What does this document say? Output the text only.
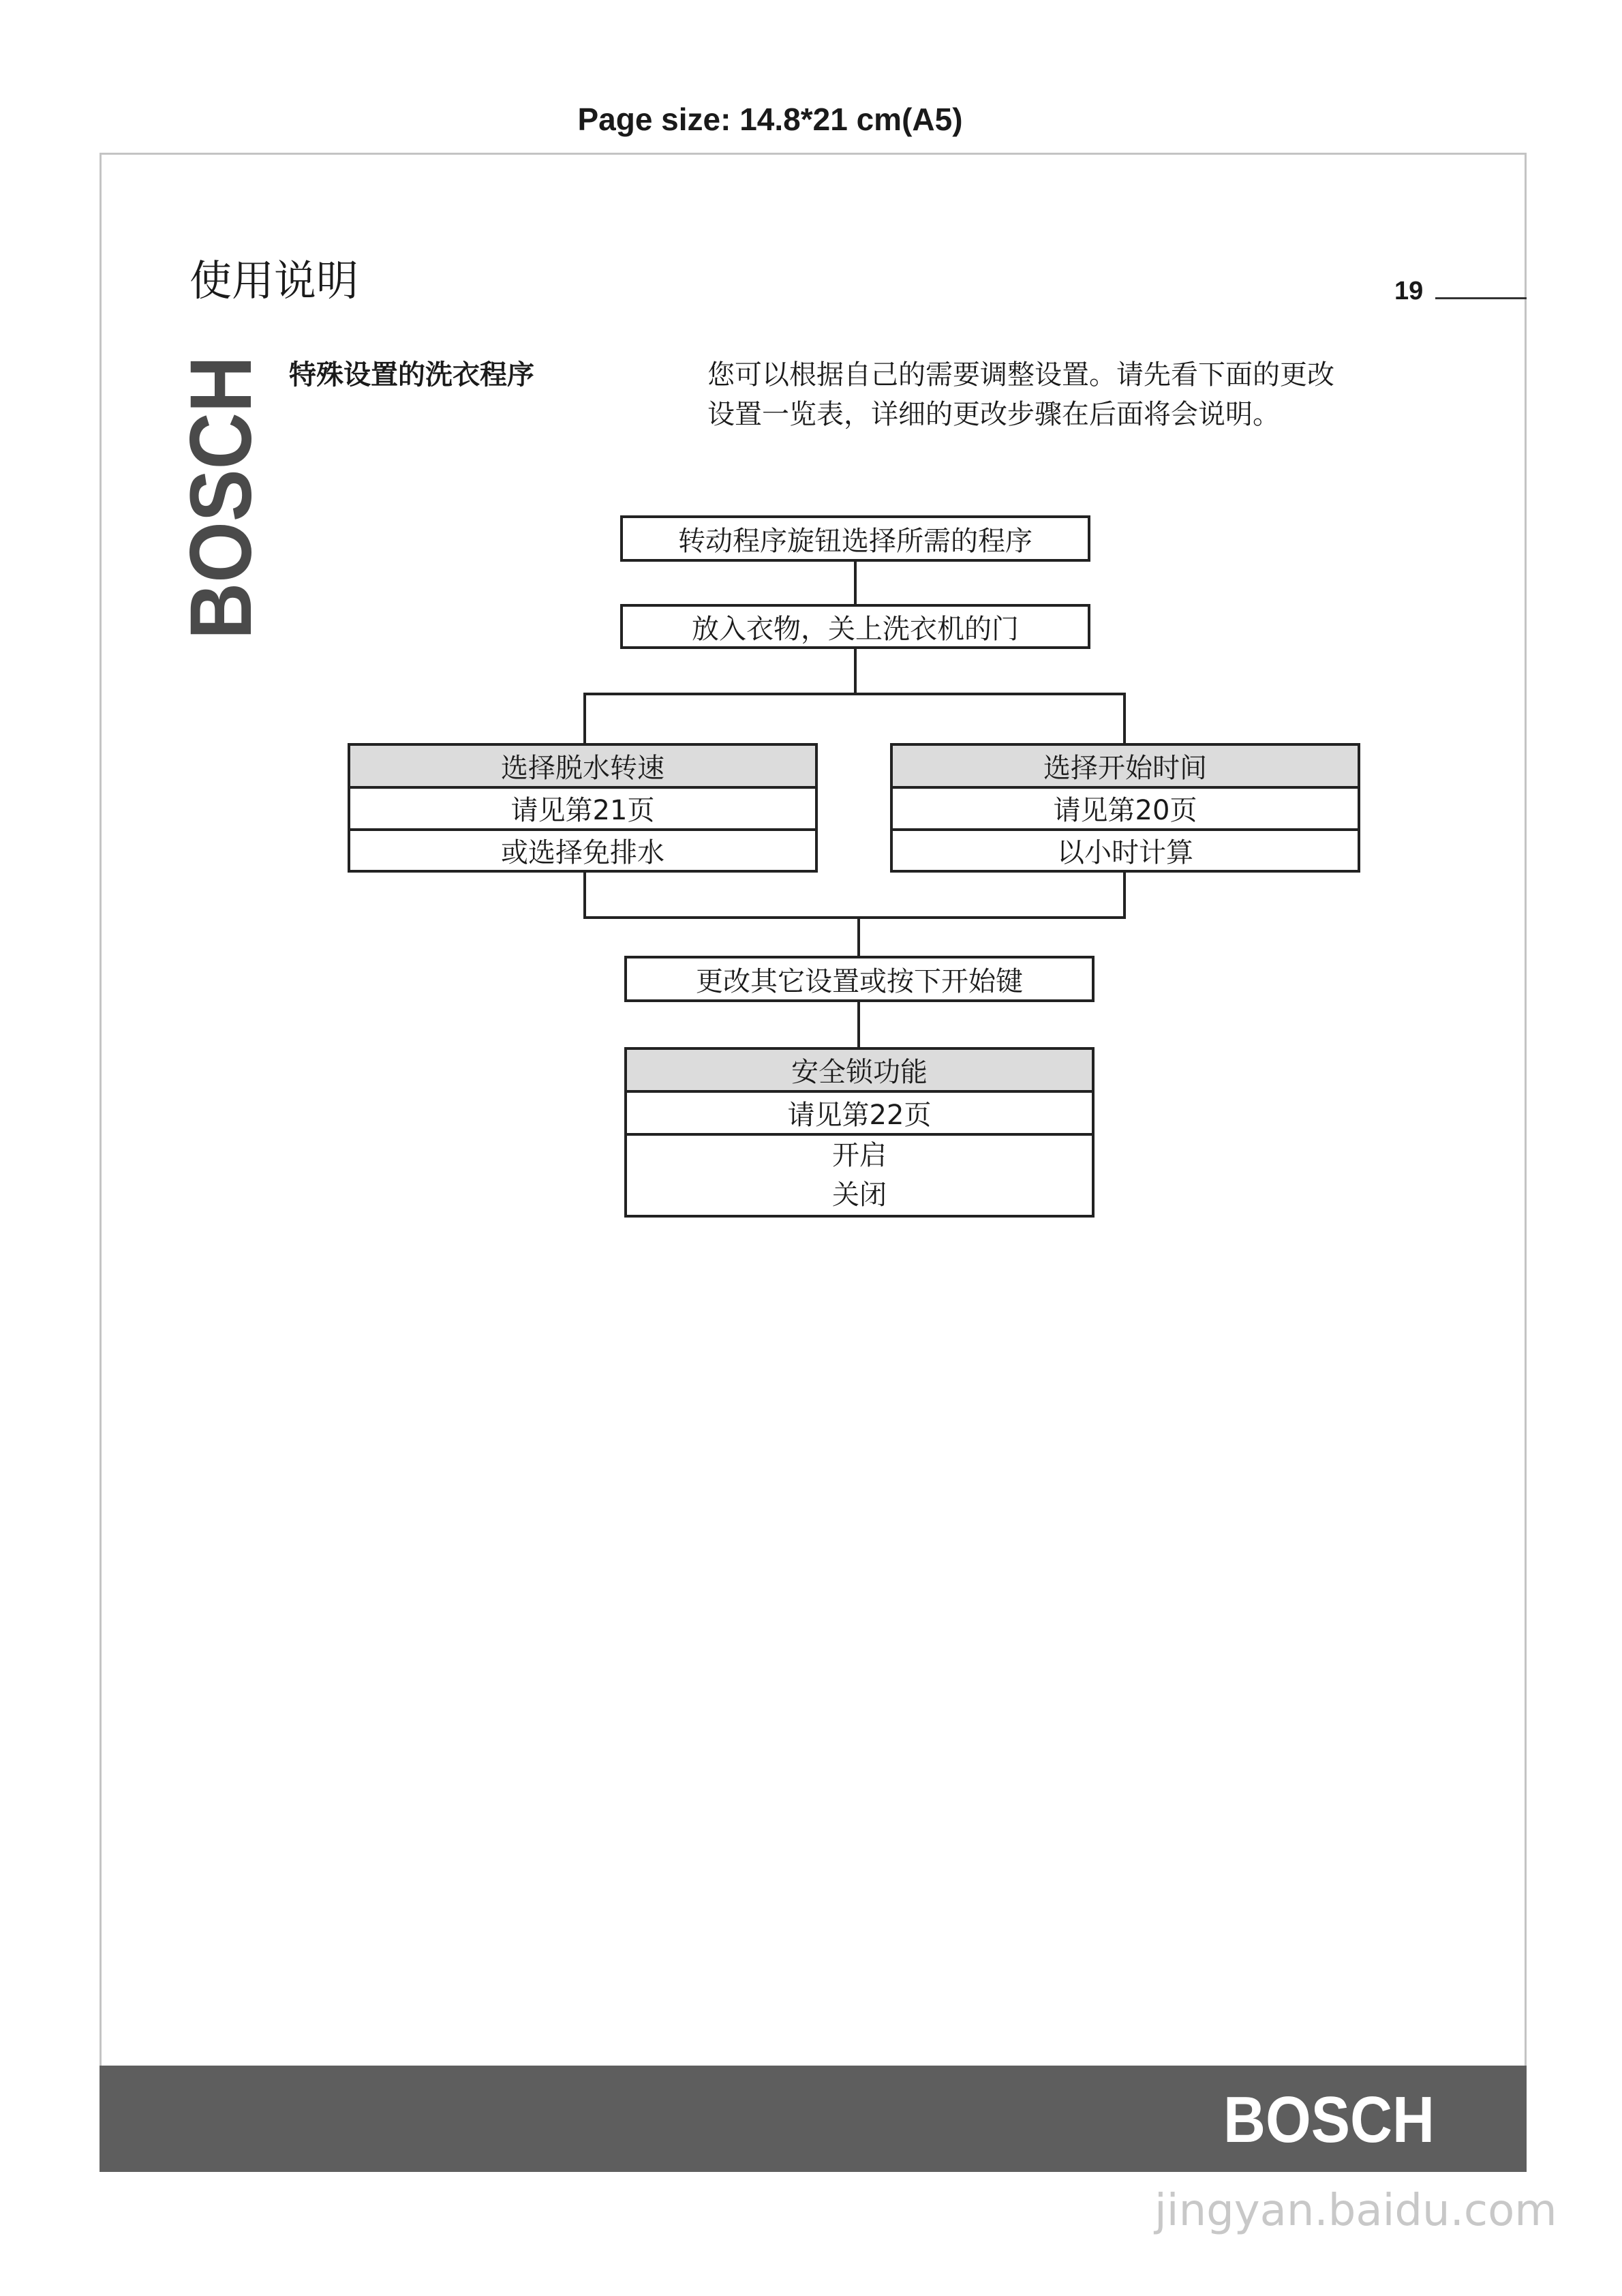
Page size: 14.8*21 cm(A5)
使用说明	19
BOSCH 特殊设置的洗衣程序	您可以根据自己的需要调整设置。请先看下面的更改
设置一览表，详细的更改步骤在后面将会说明。
转动程序旋钮选择所需的程序
放入衣物，关上洗衣机的门
选择脱水转速
请见第21页
或选择免排水
选择开始时间
请见第20页
以小时计算
更改其它设置或按下开始键
安全锁功能
请见第22页
开启
关闭
BOSCH
jingyan.baidu.com
